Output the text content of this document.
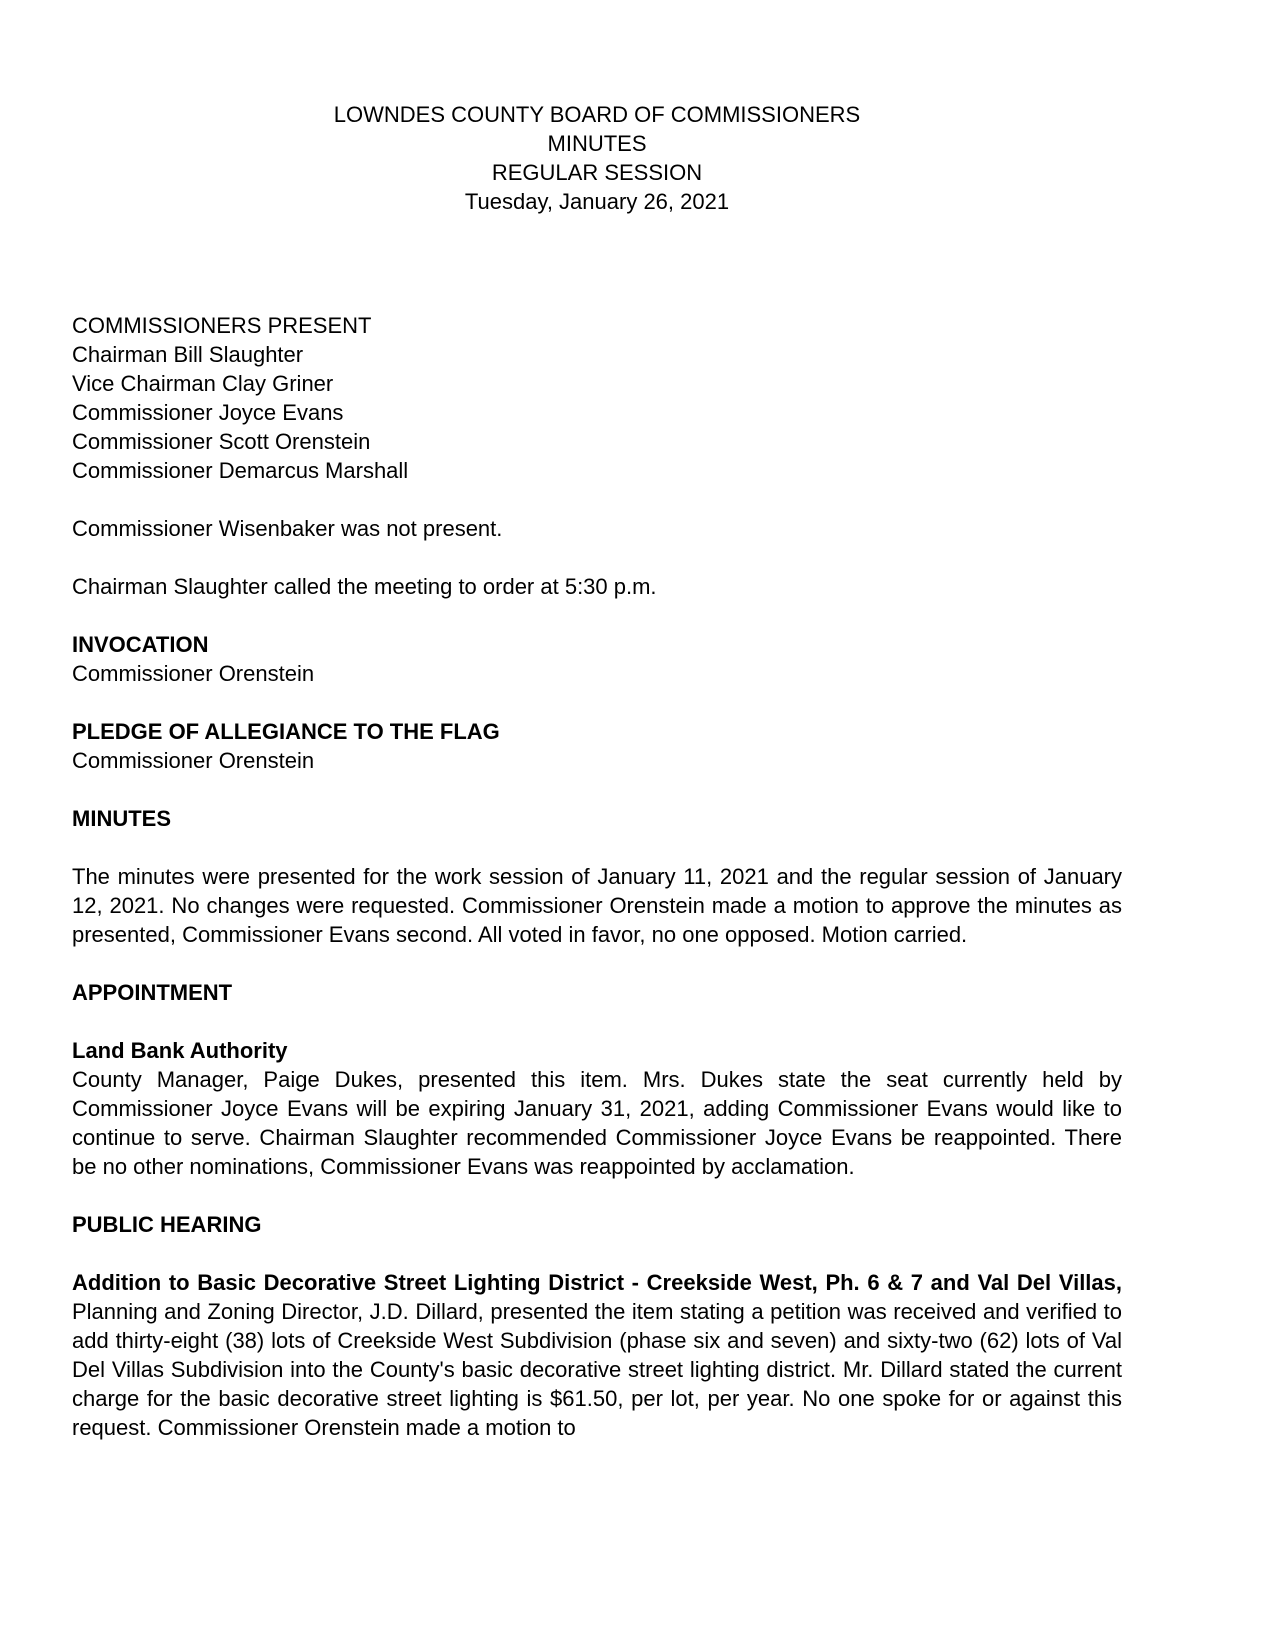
LOWNDES COUNTY BOARD OF COMMISSIONERS
MINUTES
REGULAR SESSION
Tuesday, January 26, 2021
COMMISSIONERS PRESENT
Chairman Bill Slaughter
Vice Chairman Clay Griner
Commissioner Joyce Evans
Commissioner Scott Orenstein
Commissioner Demarcus Marshall
Commissioner Wisenbaker was not present.
Chairman Slaughter called the meeting to order at 5:30 p.m.
INVOCATION
Commissioner Orenstein
PLEDGE OF ALLEGIANCE TO THE FLAG
Commissioner Orenstein
MINUTES
The minutes were presented for the work session of January 11, 2021 and the regular session of January 12, 2021. No changes were requested. Commissioner Orenstein made a motion to approve the minutes as presented, Commissioner Evans second. All voted in favor, no one opposed. Motion carried.
APPOINTMENT
Land Bank Authority
County Manager, Paige Dukes, presented this item. Mrs. Dukes state the seat currently held by Commissioner Joyce Evans will be expiring January 31, 2021, adding Commissioner Evans would like to continue to serve. Chairman Slaughter recommended Commissioner Joyce Evans be reappointed. There be no other nominations, Commissioner Evans was reappointed by acclamation.
PUBLIC HEARING
Addition to Basic Decorative Street Lighting District - Creekside West, Ph. 6 & 7 and Val Del Villas, Planning and Zoning Director, J.D. Dillard, presented the item stating a petition was received and verified to add thirty-eight (38) lots of Creekside West Subdivision (phase six and seven) and sixty-two (62) lots of Val Del Villas Subdivision into the County's basic decorative street lighting district. Mr. Dillard stated the current charge for the basic decorative street lighting is $61.50, per lot, per year. No one spoke for or against this request. Commissioner Orenstein made a motion to
